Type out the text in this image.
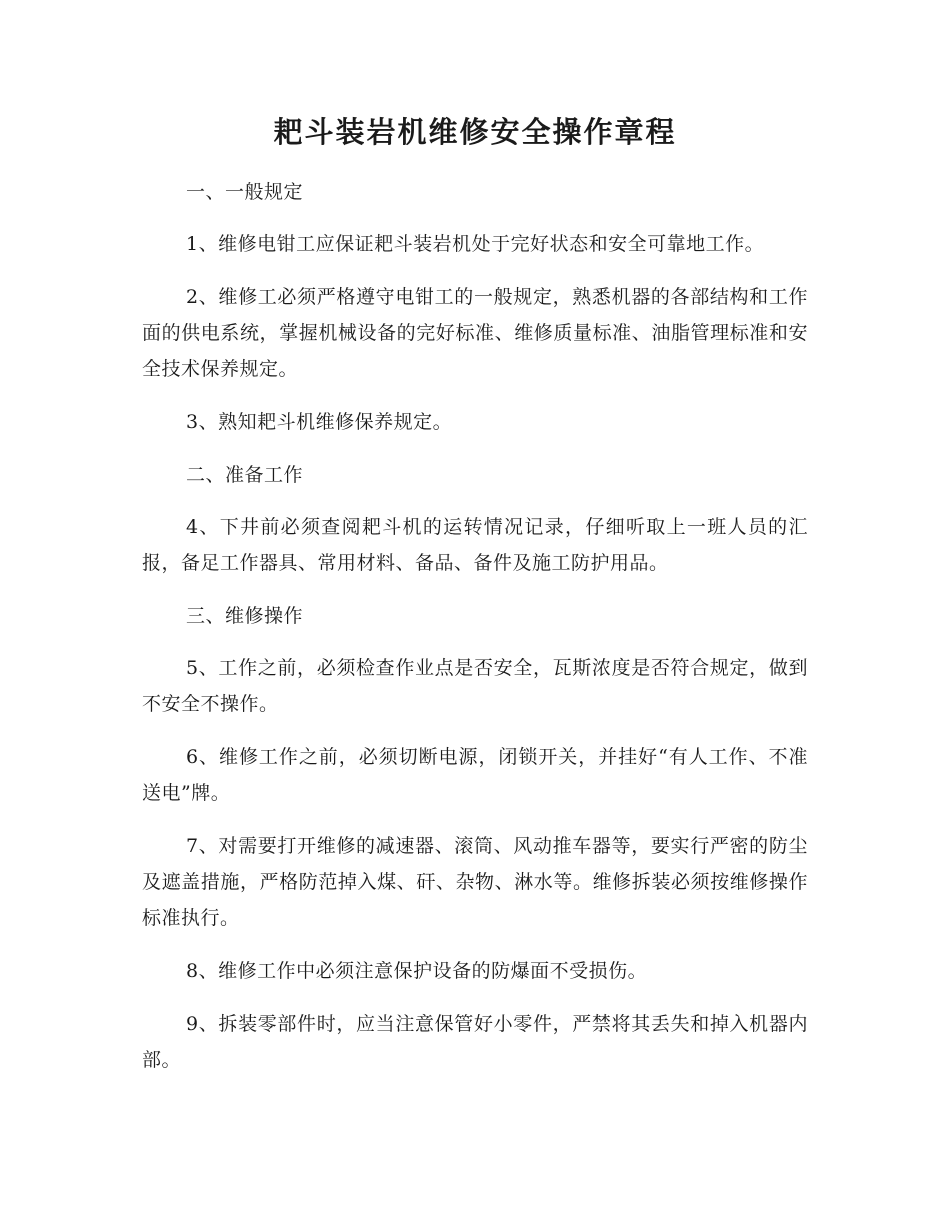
耙斗装岩机维修安全操作章程

一、一般规定

1、维修电钳工应保证耙斗装岩机处于完好状态和安全可靠地工作。

2、维修工必须严格遵守电钳工的一般规定，熟悉机器的各部结构和工作面的供电系统，掌握机械设备的完好标准、维修质量标准、油脂管理标准和安全技术保养规定。

3、熟知耙斗机维修保养规定。

二、准备工作

4、下井前必须查阅耙斗机的运转情况记录，仔细听取上一班人员的汇报，备足工作器具、常用材料、备品、备件及施工防护用品。

三、维修操作

5、工作之前，必须检查作业点是否安全，瓦斯浓度是否符合规定，做到不安全不操作。

6、维修工作之前，必须切断电源，闭锁开关，并挂好“有人工作、不准送电”牌。

7、对需要打开维修的减速器、滚筒、风动推车器等，要实行严密的防尘及遮盖措施，严格防范掉入煤、矸、杂物、淋水等。维修拆装必须按维修操作标准执行。

8、维修工作中必须注意保护设备的防爆面不受损伤。

9、拆装零部件时，应当注意保管好小零件，严禁将其丢失和掉入机器内部。
